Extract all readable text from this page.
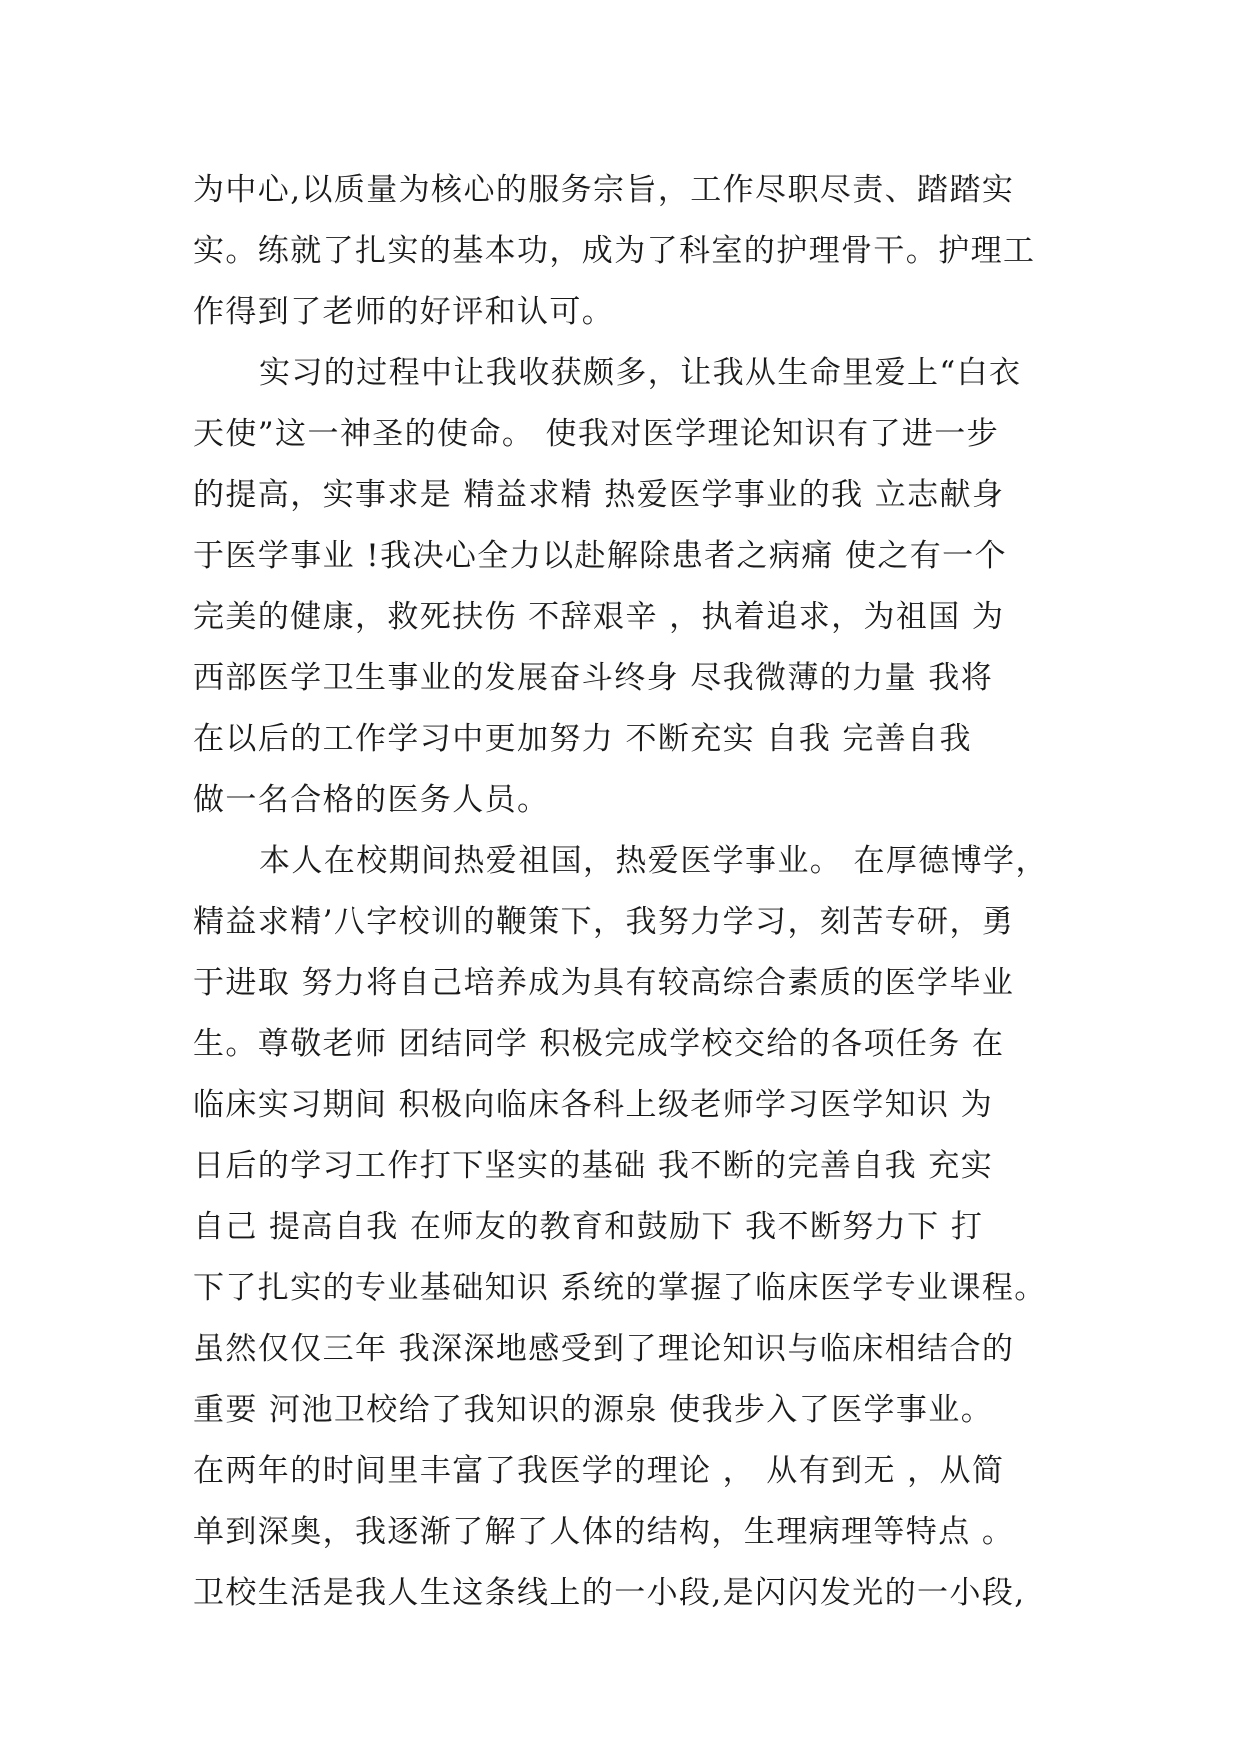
为中心,以质量为核心的服务宗旨，工作尽职尽责、踏踏实
实。练就了扎实的基本功，成为了科室的护理骨干。护理工
作得到了老师的好评和认可。
实习的过程中让我收获颇多，让我从生命里爱上“白衣
天使”这一神圣的使命。 使我对医学理论知识有了进一步
的提高，实事求是 精益求精 热爱医学事业的我 立志献身
于医学事业 !我决心全力以赴解除患者之病痛 使之有一个
完美的健康，救死扶伤 不辞艰辛 ，执着追求，为祖国 为
西部医学卫生事业的发展奋斗终身 尽我微薄的力量 我将
在以后的工作学习中更加努力 不断充实 自我 完善自我
做一名合格的医务人员。
本人在校期间热爱祖国，热爱医学事业。 在厚德博学，
精益求精’八字校训的鞭策下，我努力学习，刻苦专研，勇
于进取 努力将自己培养成为具有较高综合素质的医学毕业
生。尊敬老师 团结同学 积极完成学校交给的各项任务 在
临床实习期间 积极向临床各科上级老师学习医学知识 为
日后的学习工作打下坚实的基础 我不断的完善自我 充实
自己 提高自我 在师友的教育和鼓励下 我不断努力下 打
下了扎实的专业基础知识 系统的掌握了临床医学专业课程。
虽然仅仅三年 我深深地感受到了理论知识与临床相结合的
重要 河池卫校给了我知识的源泉 使我步入了医学事业。
在两年的时间里丰富了我医学的理论 ， 从有到无 ，从简
单到深奥，我逐渐了解了人体的结构，生理病理等特点 。
卫校生活是我人生这条线上的一小段,是闪闪发光的一小段,
